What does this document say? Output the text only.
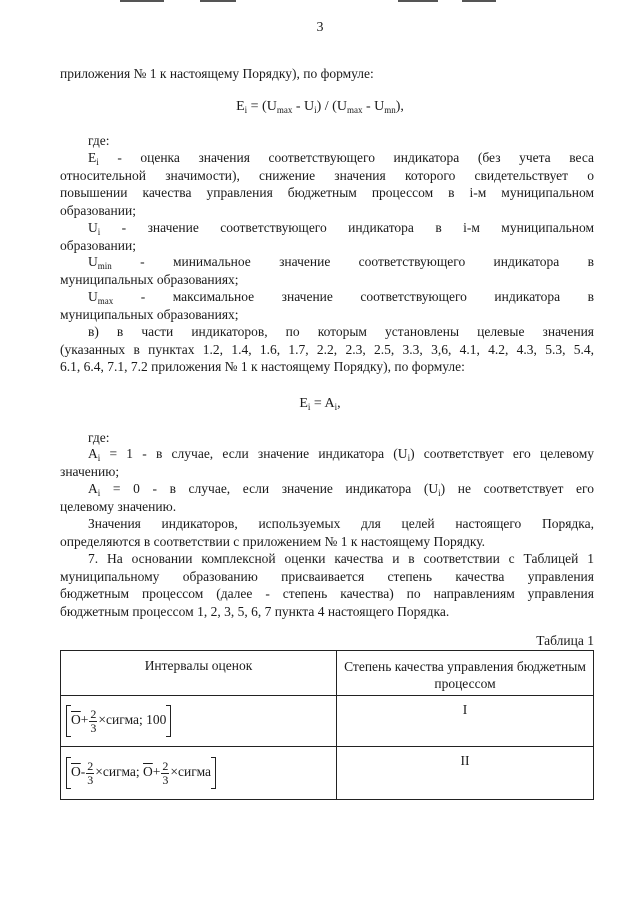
3
приложения № 1 к настоящему Порядку), по формуле:
$E_i = (U_{max} - U_i) / (U_{max} - U_{mn})$,
где:
$E_i$ - оценка значения соответствующего индикатора (без учета веса
относительной значимости), снижение значения которого свидетельствует о
повышении качества управления бюджетным процессом в i-м муниципальном
образовании;
$U_i$ - значение соответствующего индикатора в i-м муниципальном
образовании;
$U_{min}$ - минимальное значение соответствующего индикатора в
муниципальных образованиях;
$U_{max}$ - максимальное значение соответствующего индикатора в
муниципальных образованиях;
в) в части индикаторов, по которым установлены целевые значения
(указанных в пунктах 1.2, 1.4, 1.6, 1.7, 2.2, 2.3, 2.5, 3.3, 3,6, 4.1, 4.2, 4.3, 5.3, 5.4,
6.1, 6.4, 7.1, 7.2 приложения № 1 к настоящему Порядку), по формуле:
$E_i = A_i$,
где:
$A_i = 1 - в$ случае, если значение индикатора $(U_i)$ соответствует его целевому
значению;
$A_i = 0 - в$ случае, если значение индикатора $(U_i)$ не соответствует его
целевому значению.
Значения индикаторов, используемых для целей настоящего Порядка,
определяются в соответствии с приложением № 1 к настоящему Порядку.
7. На основании комплексной оценки качества и в соответствии с Таблицей 1
муниципальному образованию присваивается степень качества управления
бюджетным процессом (далее - степень качества) по направлениям управления
бюджетным процессом 1, 2, 3, 5, 6, 7 пункта 4 настоящего Порядка.
Таблица 1
Интервалы оценок	Степень качества управления бюджетным процессом
$\overline{O}+ \frac{2}{3}$ ×сигма; 100
I
$\overline{O}- \frac{2}{3}$ ×сигма; $\overline{O}+ \frac{2}{3}$ ×сигма
II
